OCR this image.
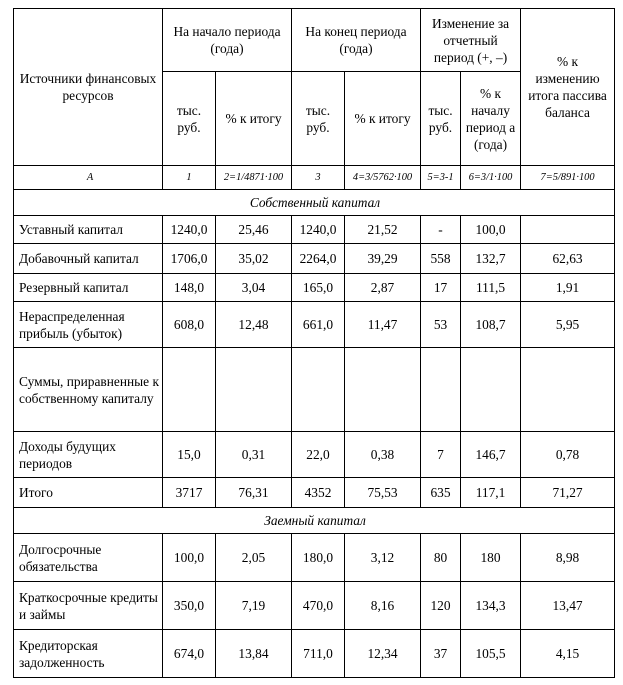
Источники финансовых ресурсов	На начало периода (года)		На конец периода (года)		Изменение за отчетный период (+, –)		% к изменению итога пассива баланса
	тыс. руб.	% к итогу	тыс. руб.	% к итогу	тыс. руб.	% к началу период а (года)	
А	1	2=1/4871·100	3	4=3/5762·100	5=3-1	6=3/1·100	7=5/891·100
Собственный капитал							
Уставный капитал	1240,0	25,46	1240,0	21,52	-	100,0	
Добавочный капитал	1706,0	35,02	2264,0	39,29	558	132,7	62,63
Резервный капитал	148,0	3,04	165,0	2,87	17	111,5	1,91
Нераспределенная прибыль (убыток)	608,0	12,48	661,0	11,47	53	108,7	5,95
Суммы, приравненные к собственному капиталу							
Доходы будущих периодов	15,0	0,31	22,0	0,38	7	146,7	0,78
Итого	3717	76,31	4352	75,53	635	117,1	71,27
Заемный капитал							
Долгосрочные обязательства	100,0	2,05	180,0	3,12	80	180	8,98
Краткосрочные кредиты и займы	350,0	7,19	470,0	8,16	120	134,3	13,47
Кредиторская задолженность	674,0	13,84	711,0	12,34	37	105,5	4,15
